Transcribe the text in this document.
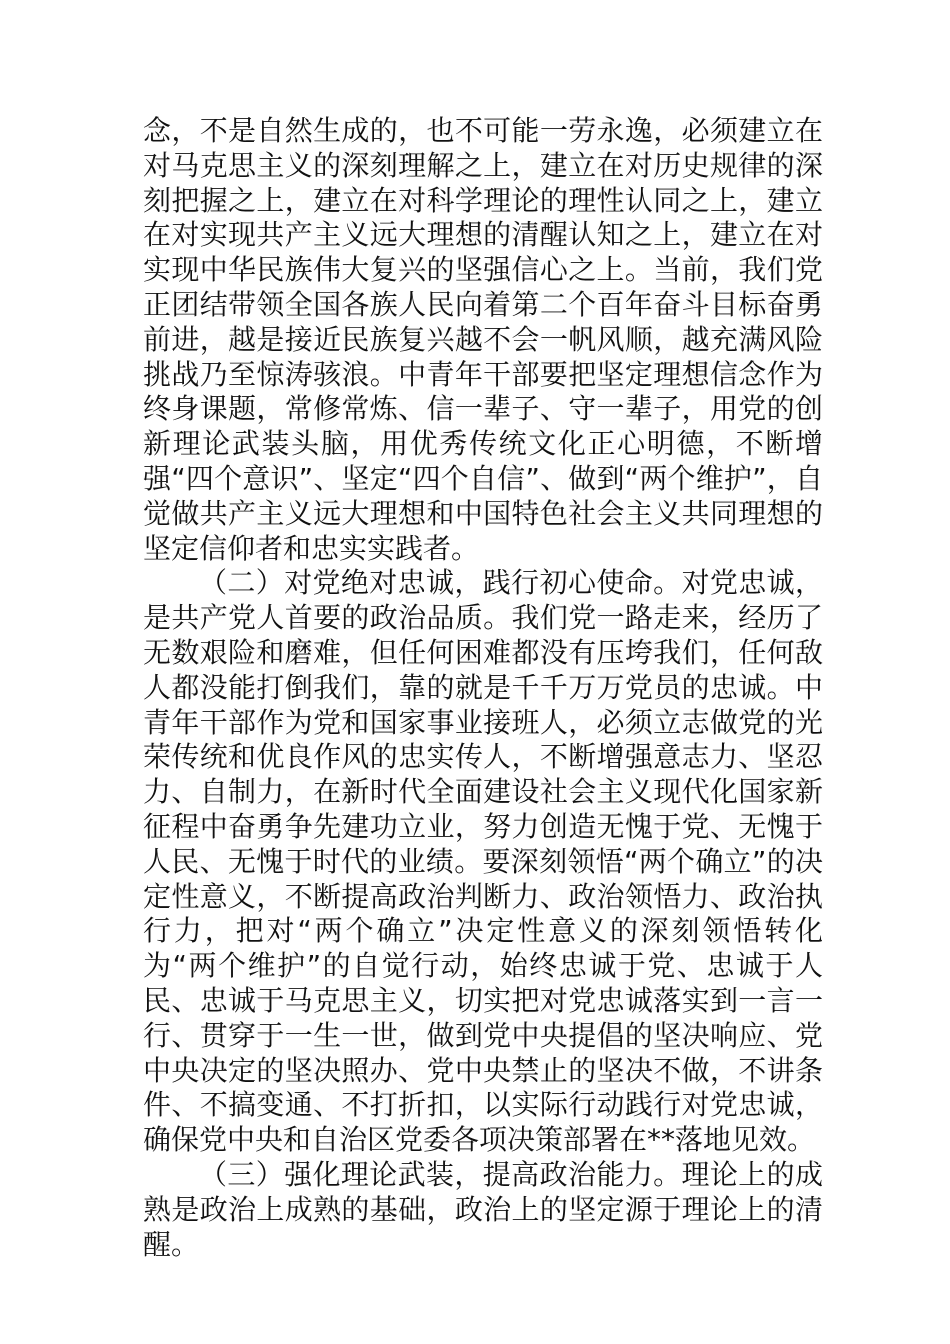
念，不是自然生成的，也不可能一劳永逸，必须建立在对马克思主义的深刻理解之上，建立在对历史规律的深刻把握之上，建立在对科学理论的理性认同之上，建立在对实现共产主义远大理想的清醒认知之上，建立在对实现中华民族伟大复兴的坚强信心之上。当前，我们党正团结带领全国各族人民向着第二个百年奋斗目标奋勇前进，越是接近民族复兴越不会一帆风顺，越充满风险挑战乃至惊涛骇浪。中青年干部要把坚定理想信念作为终身课题，常修常炼、信一辈子、守一辈子，用党的创新理论武装头脑，用优秀传统文化正心明德，不断增强“四个意识”、坚定“四个自信”、做到“两个维护”，自觉做共产主义远大理想和中国特色社会主义共同理想的坚定信仰者和忠实实践者。

（二）对党绝对忠诚，践行初心使命。对党忠诚，是共产党人首要的政治品质。我们党一路走来，经历了无数艰险和磨难，但任何困难都没有压垮我们，任何敌人都没能打倒我们，靠的就是千千万万党员的忠诚。中青年干部作为党和国家事业接班人，必须立志做党的光荣传统和优良作风的忠实传人，不断增强意志力、坚忍力、自制力，在新时代全面建设社会主义现代化国家新征程中奋勇争先建功立业，努力创造无愧于党、无愧于人民、无愧于时代的业绩。要深刻领悟“两个确立”的决定性意义，不断提高政治判断力、政治领悟力、政治执行力，把对“两个确立”决定性意义的深刻领悟转化为“两个维护”的自觉行动，始终忠诚于党、忠诚于人民、忠诚于马克思主义，切实把对党忠诚落实到一言一行、贯穿于一生一世，做到党中央提倡的坚决响应、党中央决定的坚决照办、党中央禁止的坚决不做，不讲条件、不搞变通、不打折扣，以实际行动践行对党忠诚，确保党中央和自治区党委各项决策部署在**落地见效。

（三）强化理论武装，提高政治能力。理论上的成熟是政治上成熟的基础，政治上的坚定源于理论上的清醒。
